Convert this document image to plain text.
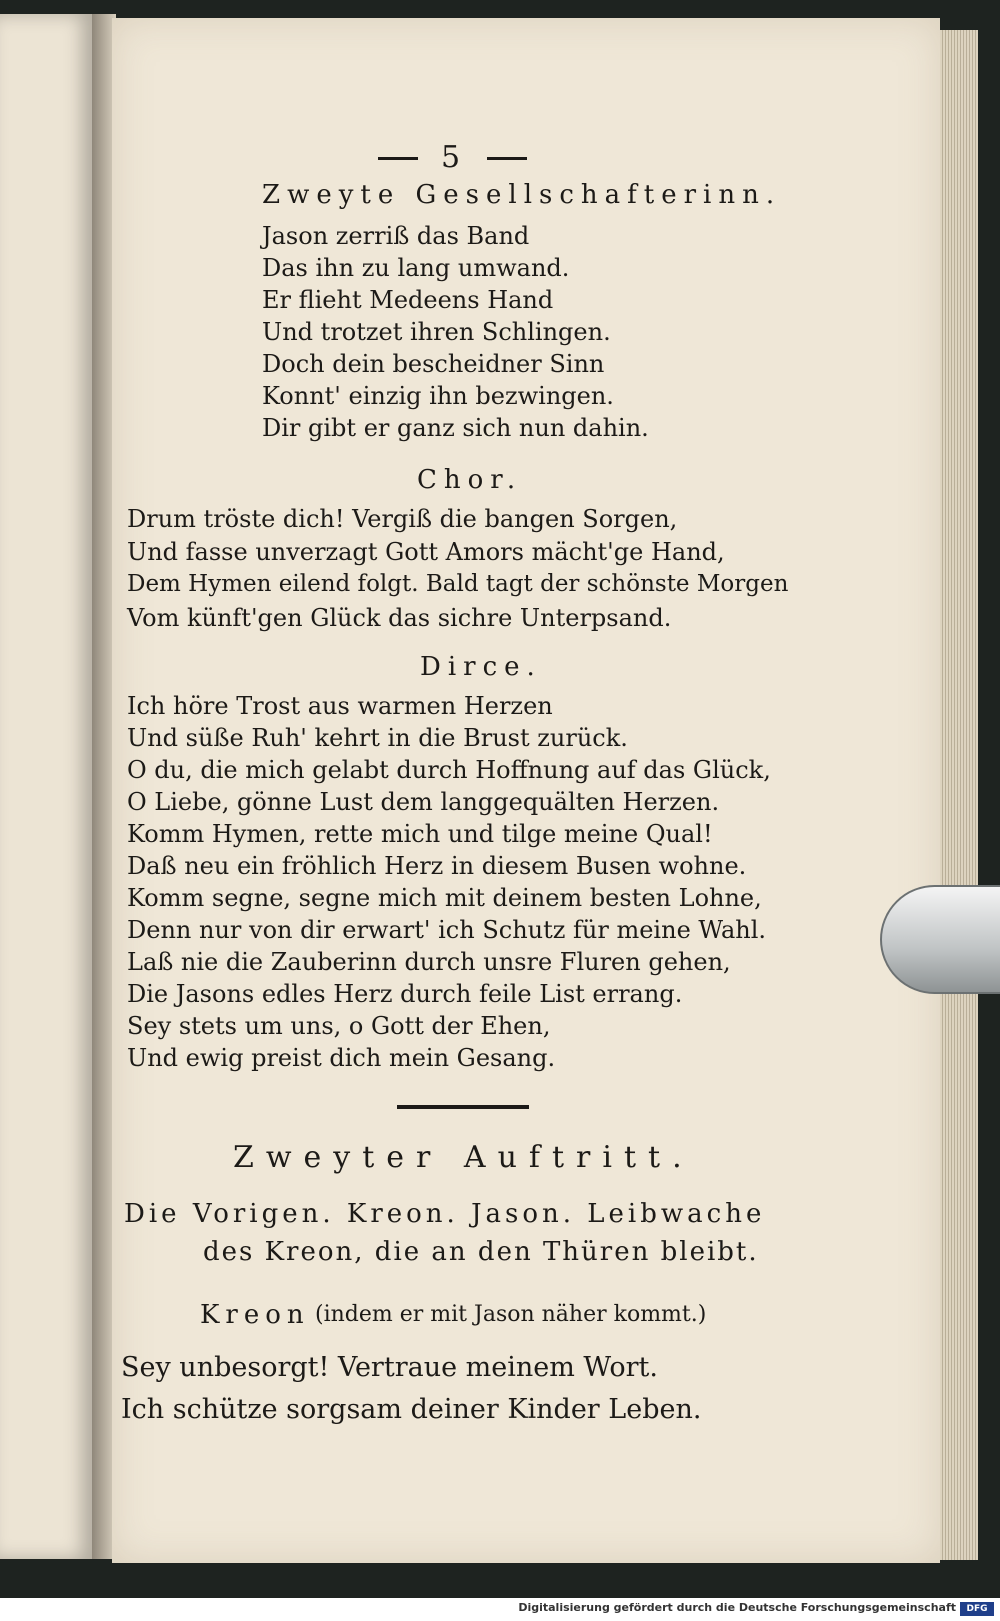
5
Zweyte Gesellschafterinn.
Jason zerriß das Band
Das ihn zu lang umwand.
Er flieht Medeens Hand
Und trotzet ihren Schlingen.
Doch dein bescheidner Sinn
Konnt' einzig ihn bezwingen.
Dir gibt er ganz sich nun dahin.
Chor.
Drum tröste dich! Vergiß die bangen Sorgen,
Und fasse unverzagt Gott Amors mächt'ge Hand,
Dem Hymen eilend folgt. Bald tagt der schönste Morgen
Vom künft'gen Glück das sichre Unterpsand.
Dirce.
Ich höre Trost aus warmen Herzen
Und süße Ruh' kehrt in die Brust zurück.
O du, die mich gelabt durch Hoffnung auf das Glück,
O Liebe, gönne Lust dem langgequälten Herzen.
Komm Hymen, rette mich und tilge meine Qual!
Daß neu ein fröhlich Herz in diesem Busen wohne.
Komm segne, segne mich mit deinem besten Lohne,
Denn nur von dir erwart' ich Schutz für meine Wahl.
Laß nie die Zauberinn durch unsre Fluren gehen,
Die Jasons edles Herz durch feile List errang.
Sey stets um uns, o Gott der Ehen,
Und ewig preist dich mein Gesang.
Zweyter Auftritt.
Die Vorigen. Kreon. Jason. Leibwache
des Kreon, die an den Thüren bleibt.
Kreon (indem er mit Jason näher kommt.)
Sey unbesorgt! Vertraue meinem Wort.
Ich schütze sorgsam deiner Kinder Leben.
Digitalisierung gefördert durch die Deutsche Forschungsgemeinschaft	DFG
